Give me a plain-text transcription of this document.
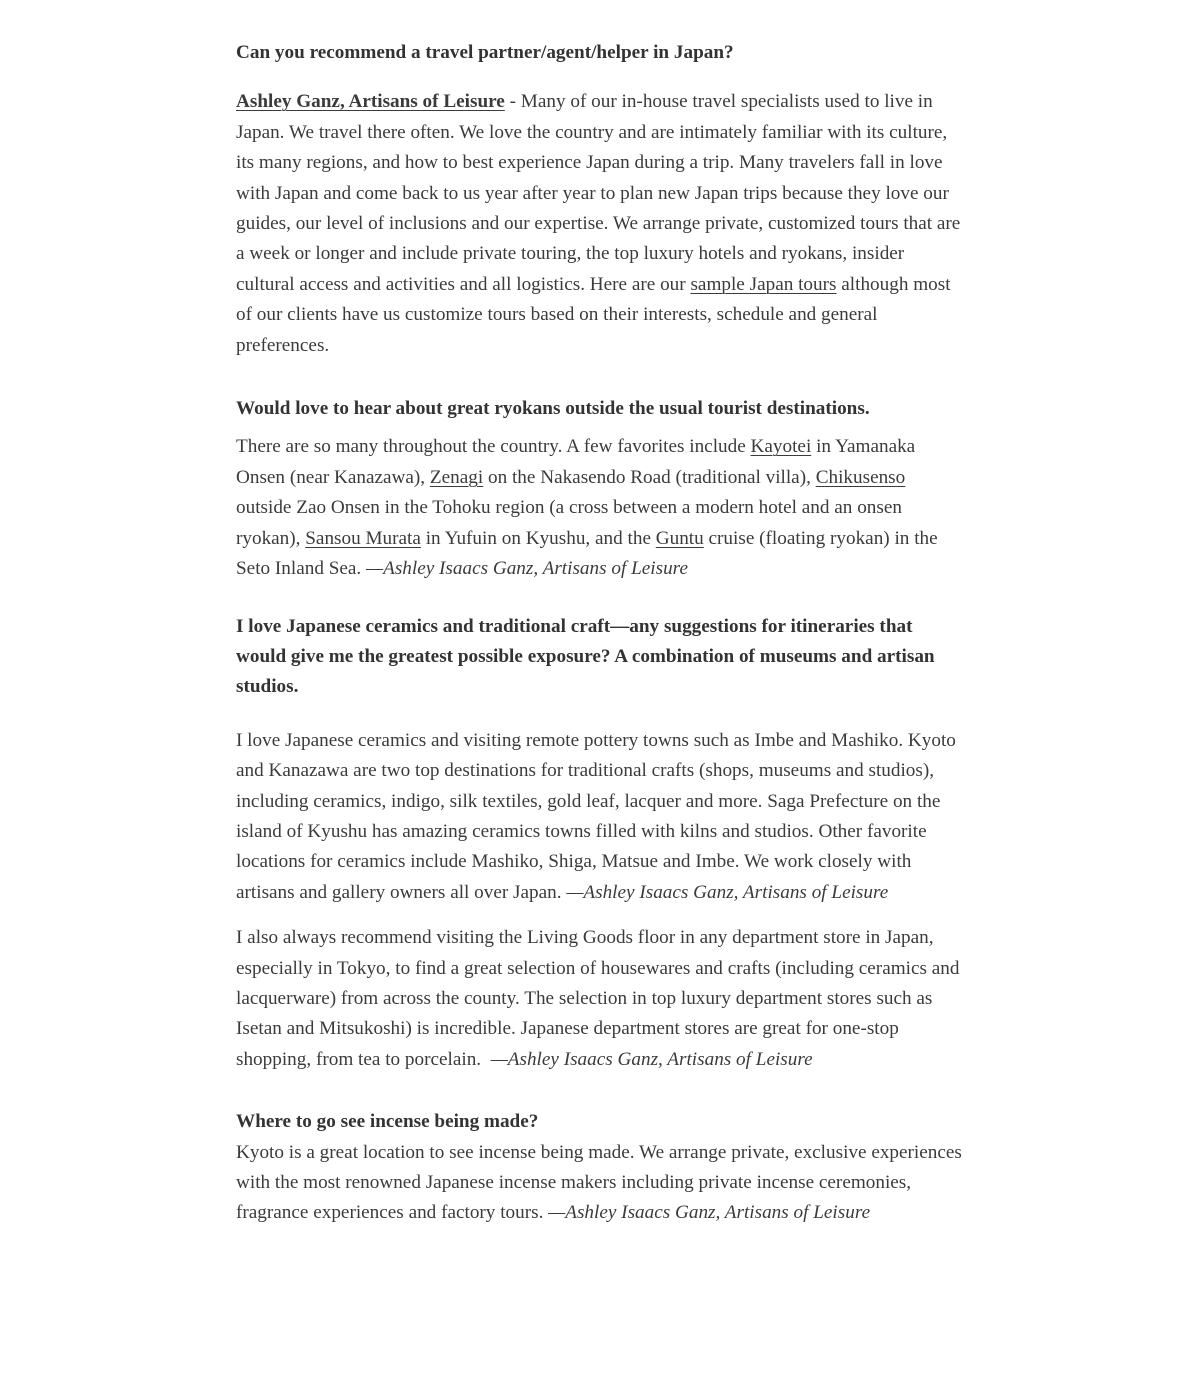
Can you recommend a travel partner/agent/helper in Japan?

Ashley Ganz, Artisans of Leisure - Many of our in-house travel specialists used to live in Japan. We travel there often. We love the country and are intimately familiar with its culture, its many regions, and how to best experience Japan during a trip. Many travelers fall in love with Japan and come back to us year after year to plan new Japan trips because they love our guides, our level of inclusions and our expertise. We arrange private, customized tours that are a week or longer and include private touring, the top luxury hotels and ryokans, insider cultural access and activities and all logistics. Here are our sample Japan tours although most of our clients have us customize tours based on their interests, schedule and general preferences.

Would love to hear about great ryokans outside the usual tourist destinations.

There are so many throughout the country. A few favorites include Kayotei in Yamanaka Onsen (near Kanazawa), Zenagi on the Nakasendo Road (traditional villa), Chikusenso outside Zao Onsen in the Tohoku region (a cross between a modern hotel and an onsen ryokan), Sansou Murata in Yufuin on Kyushu, and the Guntu cruise (floating ryokan) in the Seto Inland Sea. —Ashley Isaacs Ganz, Artisans of Leisure

I love Japanese ceramics and traditional craft—any suggestions for itineraries that would give me the greatest possible exposure? A combination of museums and artisan studios.

I love Japanese ceramics and visiting remote pottery towns such as Imbe and Mashiko. Kyoto and Kanazawa are two top destinations for traditional crafts (shops, museums and studios), including ceramics, indigo, silk textiles, gold leaf, lacquer and more. Saga Prefecture on the island of Kyushu has amazing ceramics towns filled with kilns and studios. Other favorite locations for ceramics include Mashiko, Shiga, Matsue and Imbe. We work closely with artisans and gallery owners all over Japan. —Ashley Isaacs Ganz, Artisans of Leisure

I also always recommend visiting the Living Goods floor in any department store in Japan, especially in Tokyo, to find a great selection of housewares and crafts (including ceramics and lacquerware) from across the county. The selection in top luxury department stores such as Isetan and Mitsukoshi) is incredible. Japanese department stores are great for one-stop shopping, from tea to porcelain.  —Ashley Isaacs Ganz, Artisans of Leisure

Where to go see incense being made?

Kyoto is a great location to see incense being made. We arrange private, exclusive experiences with the most renowned Japanese incense makers including private incense ceremonies, fragrance experiences and factory tours. —Ashley Isaacs Ganz, Artisans of Leisure
